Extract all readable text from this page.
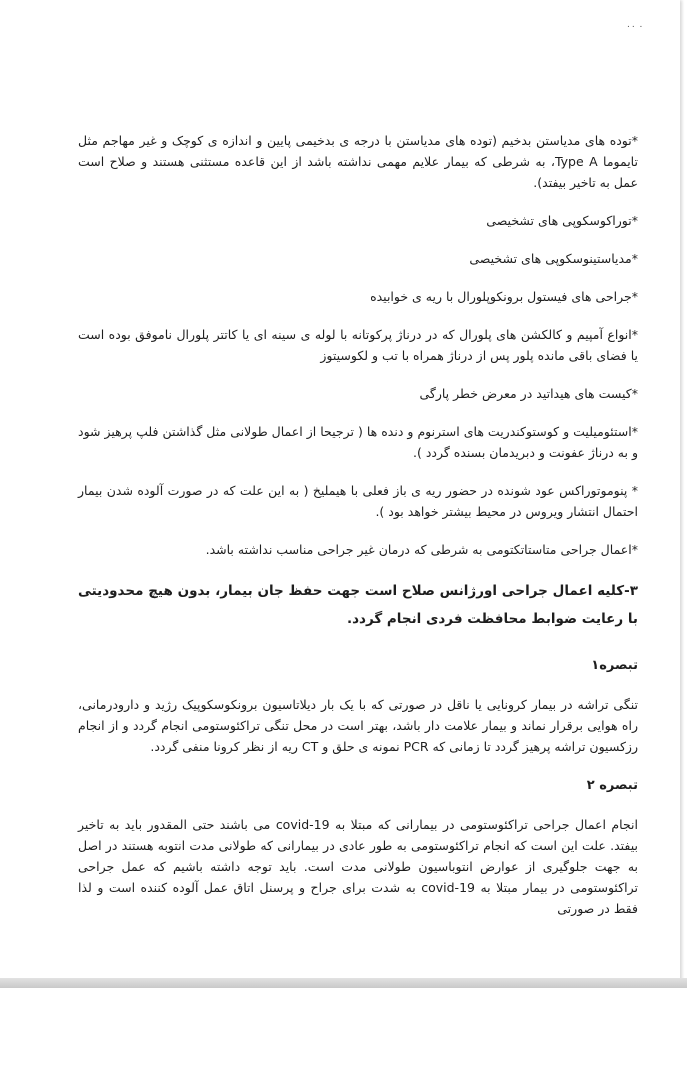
۰۰ ۰

*توده های مدیاستن بدخیم (توده های مدیاستن با درجه ی بدخیمی پایین و اندازه ی کوچک و غیر مهاجم مثل تایموما Type A، به شرطی که بیمار علایم مهمی نداشته باشد از این قاعده مستثنی هستند و صلاح است عمل به تاخیر بیفتد).

*توراکوسکوپی های تشخیصی

*مدیاستینوسکوپی های تشخیصی

*جراحی های فیستول برونکوپلورال با ریه ی خوابیده

*انواع آمپیم و کالکشن های پلورال که در درناژ پرکوتانه با لوله ی سینه ای یا کاتتر پلورال ناموفق بوده است یا فضای باقی مانده پلور پس از درناژ همراه با تب و لکوسیتوز

*کیست های هیداتید در معرض خطر پارگی

*استئومیلیت و کوستوکندریت های استرنوم و دنده ها ( ترجیحا از اعمال طولانی مثل گذاشتن فلپ پرهیز شود و به درناژ عفونت و دبریدمان بسنده گردد ).

* پنوموتوراکس عود شونده در حضور ریه ی باز فعلی با هیملیخ ( به این علت که در صورت آلوده شدن بیمار احتمال انتشار ویروس در محیط بیشتر خواهد بود ).

*اعمال جراحی متاستاتکتومی به شرطی که درمان غیر جراحی مناسب نداشته باشد.

۳-کلیه اعمال جراحی اورژانس صلاح است جهت حفظ جان بیمار، بدون هیچ محدودیتی با رعایت ضوابط محافظت فردی انجام گردد.

تبصره۱

تنگی تراشه در بیمار کرونایی یا ناقل در صورتی که با یک بار دیلاتاسیون برونکوسکوپیک رژید و دارودرمانی، راه هوایی برقرار نماند و بیمار علامت دار باشد، بهتر است در محل تنگی تراکئوستومی انجام گردد و از انجام رزکسیون تراشه پرهیز گردد تا زمانی که PCR نمونه ی حلق و CT ریه از نظر کرونا منفی گردد.

تبصره ۲

انجام اعمال جراحی تراکئوستومی در بیمارانی که مبتلا به covid-19 می باشند حتی المقدور باید به تاخیر بیفتد. علت این است که انجام تراکئوستومی به طور عادی در بیمارانی که طولانی مدت انتوبه هستند در اصل به جهت جلوگیری از عوارض انتوباسیون طولانی مدت است. باید توجه داشته باشیم که عمل جراحی تراکئوستومی در بیمار مبتلا به covid-19 به شدت برای جراح و پرسنل اتاق عمل آلوده کننده است و لذا فقط در صورتی
